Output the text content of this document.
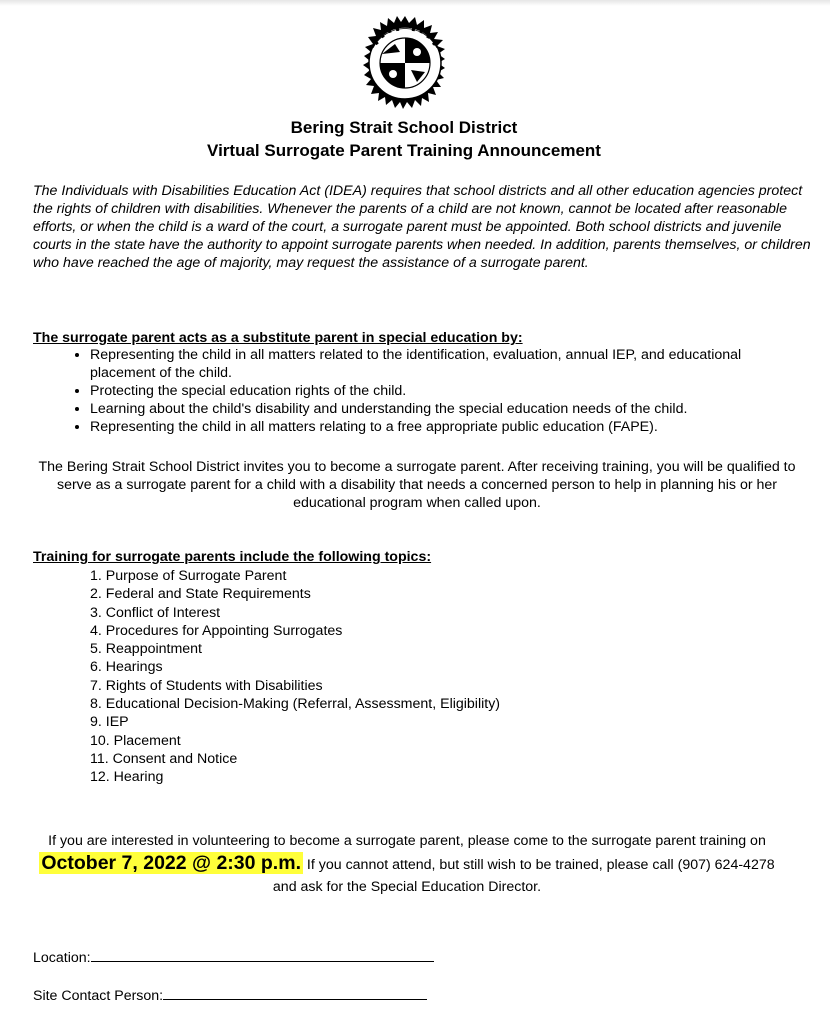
Bering Strait School District
Virtual Surrogate Parent Training Announcement
The Individuals with Disabilities Education Act (IDEA) requires that school districts and all other education agencies protect the rights of children with disabilities. Whenever the parents of a child are not known, cannot be located after reasonable efforts, or when the child is a ward of the court, a surrogate parent must be appointed. Both school districts and juvenile courts in the state have the authority to appoint surrogate parents when needed. In addition, parents themselves, or children who have reached the age of majority, may request the assistance of a surrogate parent.
The surrogate parent acts as a substitute parent in special education by:
• Representing the child in all matters related to the identification, evaluation, annual IEP, and educational placement of the child.
• Protecting the special education rights of the child.
• Learning about the child's disability and understanding the special education needs of the child.
• Representing the child in all matters relating to a free appropriate public education (FAPE).
The Bering Strait School District invites you to become a surrogate parent. After receiving training, you will be qualified to serve as a surrogate parent for a child with a disability that needs a concerned person to help in planning his or her educational program when called upon.
Training for surrogate parents include the following topics:
1. Purpose of Surrogate Parent
2. Federal and State Requirements
3. Conflict of Interest
4. Procedures for Appointing Surrogates
5. Reappointment
6. Hearings
7. Rights of Students with Disabilities
8. Educational Decision-Making (Referral, Assessment, Eligibility)
9. IEP
10. Placement
11. Consent and Notice
12. Hearing
If you are interested in volunteering to become a surrogate parent, please come to the surrogate parent training on October 7, 2022 @ 2:30 p.m. If you cannot attend, but still wish to be trained, please call (907) 624-4278 and ask for the Special Education Director.
Location:
Site Contact Person:
